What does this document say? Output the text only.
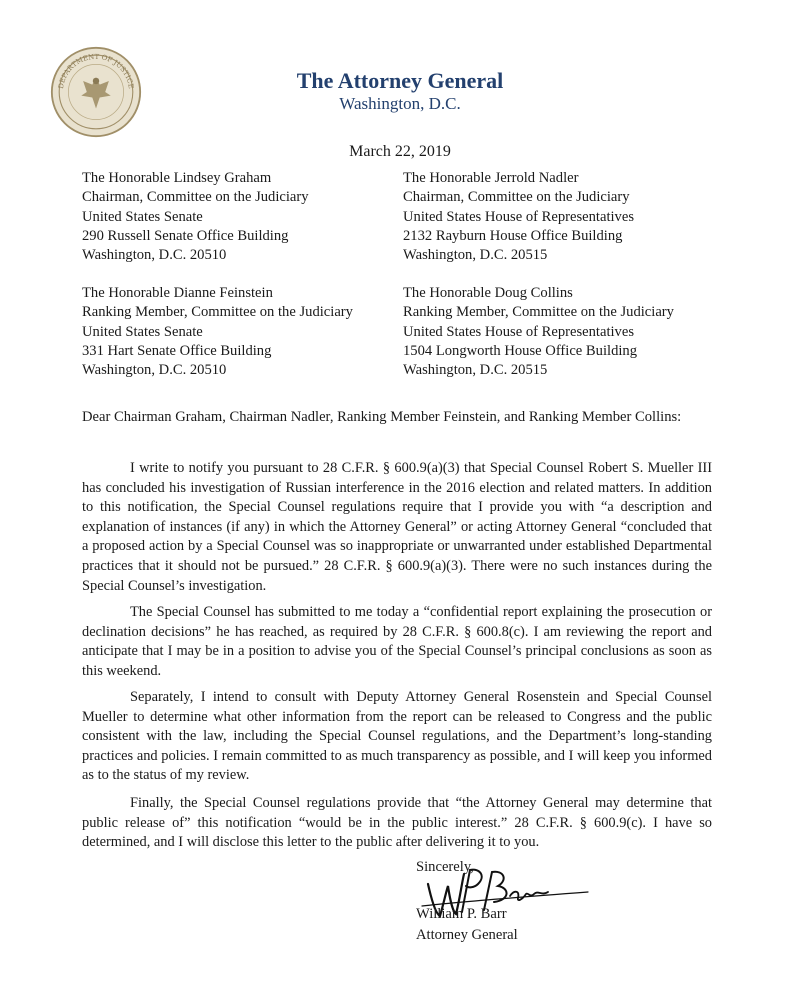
DEPARTMENT OF JUSTICE	The Attorney General
Washington, D.C.
March 22, 2019
The Honorable Lindsey Graham
Chairman, Committee on the Judiciary
United States Senate
290 Russell Senate Office Building
Washington, D.C. 20510
The Honorable Jerrold Nadler
Chairman, Committee on the Judiciary
United States House of Representatives
2132 Rayburn House Office Building
Washington, D.C. 20515
The Honorable Dianne Feinstein
Ranking Member, Committee on the Judiciary
United States Senate
331 Hart Senate Office Building
Washington, D.C. 20510
The Honorable Doug Collins
Ranking Member, Committee on the Judiciary
United States House of Representatives
1504 Longworth House Office Building
Washington, D.C. 20515
Dear Chairman Graham, Chairman Nadler, Ranking Member Feinstein, and Ranking Member Collins:

I write to notify you pursuant to 28 C.F.R. § 600.9(a)(3) that Special Counsel Robert S. Mueller III has concluded his investigation of Russian interference in the 2016 election and related matters. In addition to this notification, the Special Counsel regulations require that I provide you with “a description and explanation of instances (if any) in which the Attorney General” or acting Attorney General “concluded that a proposed action by a Special Counsel was so inappropriate or unwarranted under established Departmental practices that it should not be pursued.” 28 C.F.R. § 600.9(a)(3). There were no such instances during the Special Counsel’s investigation.

The Special Counsel has submitted to me today a “confidential report explaining the prosecution or declination decisions” he has reached, as required by 28 C.F.R. § 600.8(c). I am reviewing the report and anticipate that I may be in a position to advise you of the Special Counsel’s principal conclusions as soon as this weekend.

Separately, I intend to consult with Deputy Attorney General Rosenstein and Special Counsel Mueller to determine what other information from the report can be released to Congress and the public consistent with the law, including the Special Counsel regulations, and the Department’s long-standing practices and policies. I remain committed to as much transparency as possible, and I will keep you informed as to the status of my review.

Finally, the Special Counsel regulations provide that “the Attorney General may determine that public release of” this notification “would be in the public interest.” 28 C.F.R. § 600.9(c). I have so determined, and I will disclose this letter to the public after delivering it to you.

Sincerely,
William P. Barr
Attorney General
